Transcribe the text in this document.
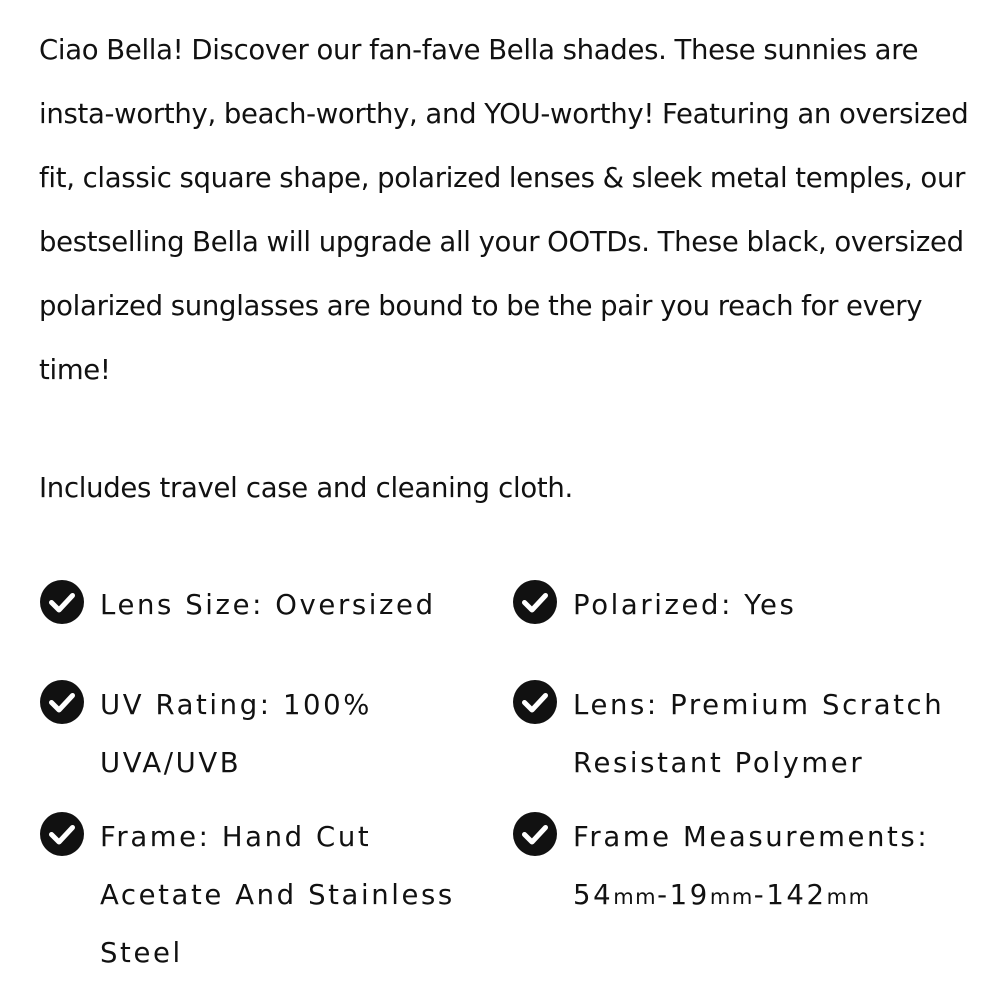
Ciao Bella! Discover our fan-fave Bella shades. These sunnies are insta-worthy, beach-worthy, and YOU-worthy! Featuring an oversized fit, classic square shape, polarized lenses & sleek metal temples, our bestselling Bella will upgrade all your OOTDs. These black, oversized polarized sunglasses are bound to be the pair you reach for every time!

Includes travel case and cleaning cloth.

Lens Size: Oversized	Polarized: Yes
UV Rating: 100% UVA/UVB
Lens: Premium Scratch Resistant Polymer
Frame: Hand Cut Acetate And Stainless Steel
Frame Measurements:
54mm-19mm-142mm
